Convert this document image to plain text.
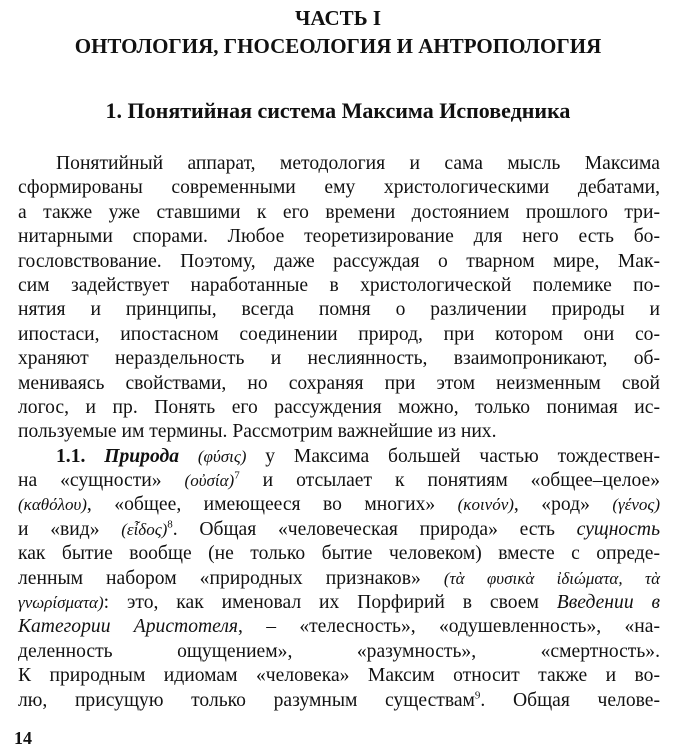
ЧАСТЬ I
ОНТОЛОГИЯ, ГНОСЕОЛОГИЯ И АНТРОПОЛОГИЯ
1. Понятийная система Максима Исповедника
Понятийный аппарат, методология и сама мысль Максима
сформированы современными ему христологическими дебатами,
а также уже ставшими к его времени достоянием прошлого три-
нитарными спорами. Любое теоретизирование для него есть бо-
гословствование. Поэтому, даже рассуждая о тварном мире, Мак-
сим задействует наработанные в христологической полемике по-
нятия и принципы, всегда помня о различении природы и
ипостаси, ипостасном соединении природ, при котором они со-
храняют нераздельность и неслиянность, взаимопроникают, об-
мениваясь свойствами, но сохраняя при этом неизменным свой
логос, и пр. Понять его рассуждения можно, только понимая ис-
пользуемые им термины. Рассмотрим важнейшие из них.
1.1. Природа (φύσις) у Максима большей частью тождествен-
на «сущности» (οὐσία)$^7$ и отсылает к понятиям «общее–целое»
(καθόλου), «общее, имеющееся во многих» (κοινόν), «род» (γένος)
и «вид» (εἶδος)$^8$. Общая «человеческая природа» есть сущность
как бытие вообще (не только бытие человеком) вместе с опреде-
ленным набором «природных признаков» (τὰ φυσικὰ ἰδιώματα, τὰ
γνωρίσματα): это, как именовал их Порфирий в своем Введении в
Категории Аристотеля, – «телесность», «одушевленность», «на-
деленность ощущением», «разумность», «смертность».
К природным идиомам «человека» Максим относит также и во-
лю, присущую только разумным существам$^9$. Общая челове-
14
